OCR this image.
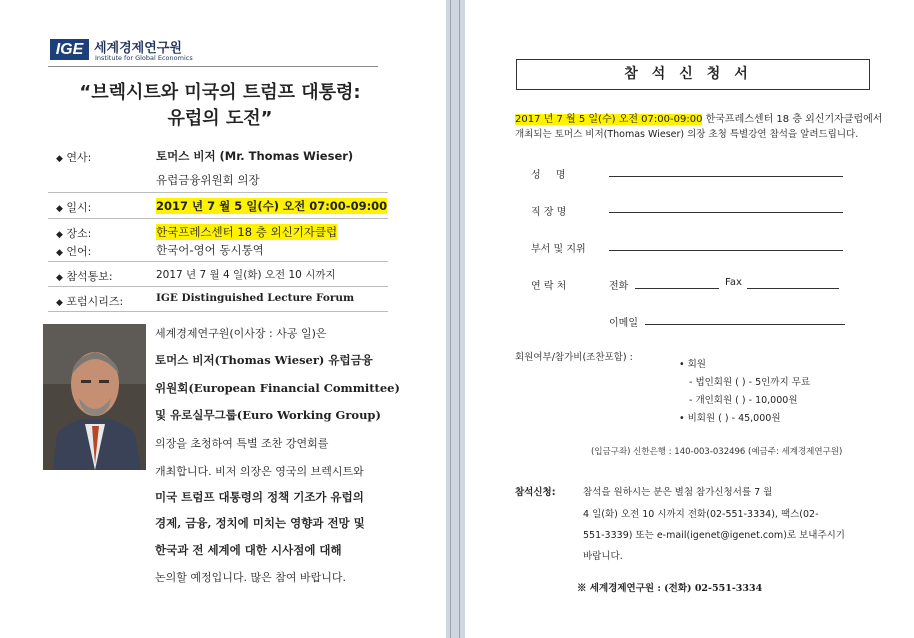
IGE 세계경제연구원
Institute for Global Economics
“브렉시트와 미국의 트럼프 대통령:
유럽의 도전”
◆ 연사:	토머스 비저 (Mr. Thomas Wieser)
유럽금융위원회 의장
◆ 일시:	2017 년 7 월 5 일(수) 오전 07:00-09:00
◆ 장소:	한국프레스센터 18 층 외신기자클럽
◆ 언어:	한국어-영어 동시통역
◆ 참석통보:	2017 년 7 월 4 일(화) 오전 10 시까지
◆ 포럼시리즈:	IGE Distinguished Lecture Forum
세계경제연구원(이사장 : 사공 일)은
토머스 비저(Thomas Wieser) 유럽금융
위원회(European Financial Committee)
및 유로실무그룹(Euro Working Group)
의장을 초청하여 특별 조찬 강연회를
개최합니다. 비저 의장은 영국의 브렉시트와
미국 트럼프 대통령의 정책 기조가 유럽의
경제, 금융, 정치에 미치는 영향과 전망 및
한국과 전 세계에 대한 시사점에 대해
논의할 예정입니다. 많은 참여 바랍니다.
참석신청서
2017 년 7 월 5 일(수) 오전 07:00-09:00 한국프레스센터 18 층 외신기자클럽에서
개최되는 토머스 비저(Thomas Wieser) 의장 초청 특별강연 참석을 알려드립니다.
성 명
직 장 명
부서 및 지위
연 락 처	전화	Fax
이메일
회원여부/참가비(조찬포함) :
• 회원
- 법인회원 ( ) - 5인까지 무료
- 개인회원 ( ) - 10,000원
• 비회원 ( ) - 45,000원
(입금구좌) 신한은행 : 140-003-032496 (예금주: 세계경제연구원)
참석신청:	참석을 원하시는 분은 별첨 참가신청서를 7 월
4 일(화) 오전 10 시까지 전화(02-551-3334), 팩스(02-
551-3339) 또는 e-mail(igenet@igenet.com)로 보내주시기
바랍니다.
※ 세계경제연구원 : (전화) 02-551-3334
